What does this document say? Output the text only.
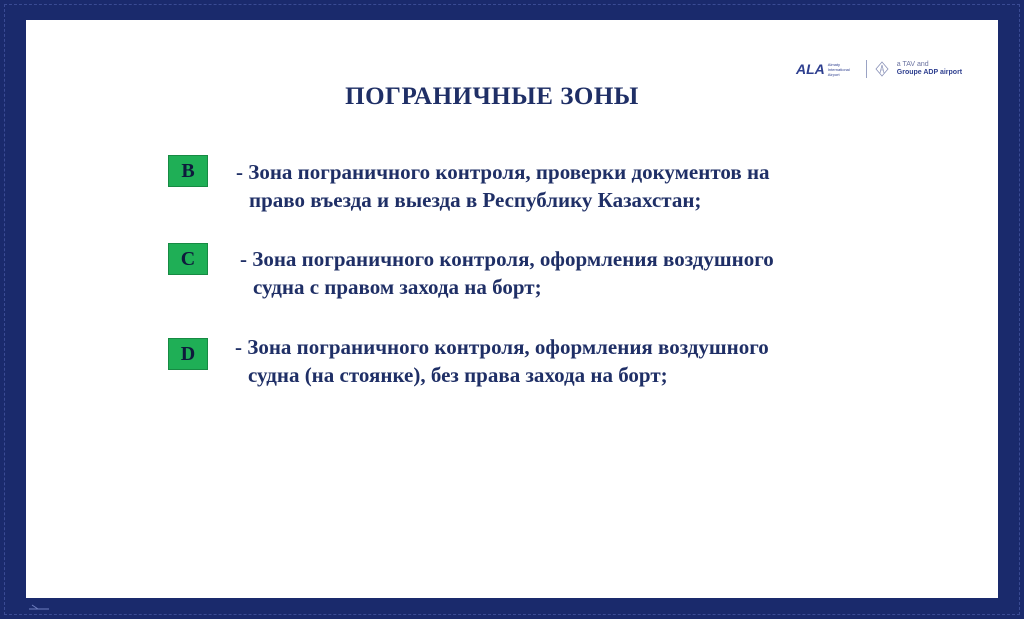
ALA Almaty International Airport
a TAV and
Groupe ADP airport
ПОГРАНИЧНЫЕ ЗОНЫ
B	- Зона пограничного контроля, проверки документов на
право въезда и выезда в Республику Казахстан;
C	- Зона пограничного контроля, оформления воздушного
судна с правом захода на борт;
D	- Зона пограничного контроля, оформления воздушного
судна (на стоянке), без права захода на борт;
